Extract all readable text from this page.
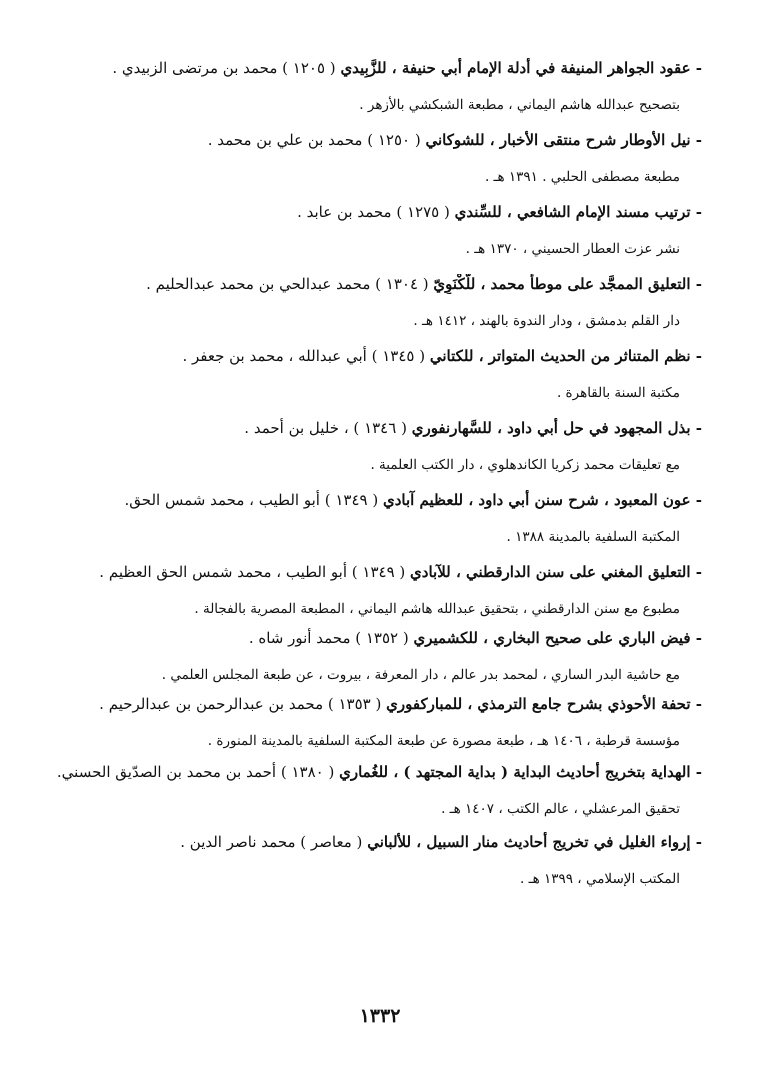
- عقود الجواهر المنيفة في أدلة الإمام أبي حنيفة ، للزَّبِيدي ( ١٢٠٥ ) محمد بن مرتضى الزبيدي .
بتصحيح عبدالله هاشم اليماني ، مطبعة الشبكشي بالأزهر .
- نيل الأوطار شرح منتقى الأخبار ، للشوكاني ( ١٢٥٠ ) محمد بن علي بن محمد .
مطبعة مصطفى الحلبي . ١٣٩١ هـ .
- ترتيب مسند الإمام الشافعي ، للسِّندي ( ١٢٧٥ ) محمد بن عابد .
نشر عزت العطار الحسيني ، ١٣٧٠ هـ .
- التعليق الممجَّد على موطأ محمد ، للَّكْنَوِيّ ( ١٣٠٤ ) محمد عبدالحي بن محمد عبدالحليم .
دار القلم بدمشق ، ودار الندوة بالهند ، ١٤١٢ هـ .
- نظم المتناثر من الحديث المتواتر ، للكتاني ( ١٣٤٥ ) أبي عبدالله ، محمد بن جعفر .
مكتبة السنة بالقاهرة .
- بذل المجهود في حل أبي داود ، للسَّهارنفوري ( ١٣٤٦ ) ، خليل بن أحمد .
مع تعليقات محمد زكريا الكاندهلوي ، دار الكتب العلمية .
- عون المعبود ، شرح سنن أبي داود ، للعظيم آبادي ( ١٣٤٩ ) أبو الطيب ، محمد شمس الحق.
المكتبة السلفية بالمدينة ١٣٨٨ .
- التعليق المغني على سنن الدارقطني ، للآبادي ( ١٣٤٩ ) أبو الطيب ، محمد شمس الحق العظيم .
مطبوع مع سنن الدارقطني ، بتحقيق عبدالله هاشم اليماني ، المطبعة المصرية بالفجالة .
- فيض الباري على صحيح البخاري ، للكشميري ( ١٣٥٢ ) محمد أنور شاه .
مع حاشية البدر الساري ، لمحمد بدر عالم ، دار المعرفة ، بيروت ، عن طبعة المجلس العلمي .
- تحفة الأحوذي بشرح جامع الترمذي ، للمباركفوري ( ١٣٥٣ ) محمد بن عبدالرحمن بن عبدالرحيم .
مؤسسة قرطبة ، ١٤٠٦ هـ ، طبعة مصورة عن طبعة المكتبة السلفية بالمدينة المنورة .
- الهداية بتخريج أحاديث البداية ( بداية المجتهد ) ، للغُماري ( ١٣٨٠ ) أحمد بن محمد بن الصدّيق الحسني.
تحقيق المرعشلي ، عالم الكتب ، ١٤٠٧ هـ .
- إرواء الغليل في تخريج أحاديث منار السبيل ، للألباني ( معاصر ) محمد ناصر الدين .
المكتب الإسلامي ، ١٣٩٩ هـ .
١٣٣٢
